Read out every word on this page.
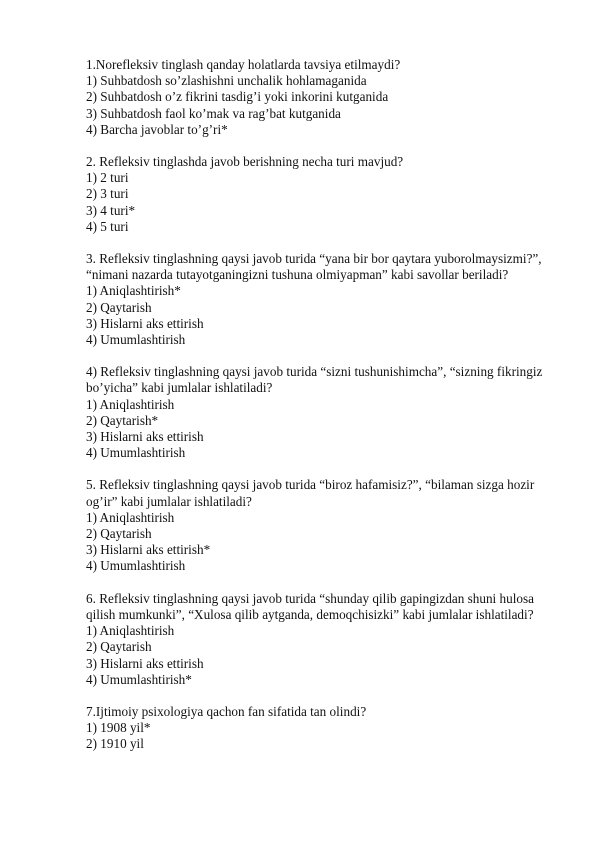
1.Norefleksiv tinglash qanday holatlarda tavsiya etilmaydi?

1) Suhbatdosh so’zlashishni unchalik hohlamaganida

2) Suhbatdosh o’z fikrini tasdig’i yoki inkorini kutganida

3) Suhbatdosh faol ko’mak va rag’bat kutganida

4) Barcha javoblar to’g’ri*

2. Refleksiv tinglashda javob berishning necha turi mavjud?

1) 2 turi

2) 3 turi

3) 4 turi*

4) 5 turi

3. Refleksiv tinglashning qaysi javob turida “yana bir bor qaytara yuborolmaysizmi?”, “nimani nazarda tutayotganingizni tushuna olmiyapman” kabi savollar beriladi?

1) Aniqlashtirish*

2) Qaytarish

3) Hislarni aks ettirish

4) Umumlashtirish

4) Refleksiv tinglashning qaysi javob turida “sizni tushunishimcha”, “sizning fikringiz bo’yicha” kabi jumlalar ishlatiladi?

1) Aniqlashtirish

2) Qaytarish*

3) Hislarni aks ettirish

4) Umumlashtirish

5. Refleksiv tinglashning qaysi javob turida “biroz hafamisiz?”, “bilaman sizga hozir og’ir” kabi jumlalar ishlatiladi?

1) Aniqlashtirish

2) Qaytarish

3) Hislarni aks ettirish*

4) Umumlashtirish

6. Refleksiv tinglashning qaysi javob turida “shunday qilib gapingizdan shuni hulosa qilish mumkunki”, “Xulosa qilib aytganda, demoqchisizki” kabi jumlalar ishlatiladi?

1) Aniqlashtirish

2) Qaytarish

3) Hislarni aks ettirish

4) Umumlashtirish*

7.Ijtimoiy psixologiya qachon fan sifatida tan olindi?

1) 1908 yil*

2) 1910 yil
